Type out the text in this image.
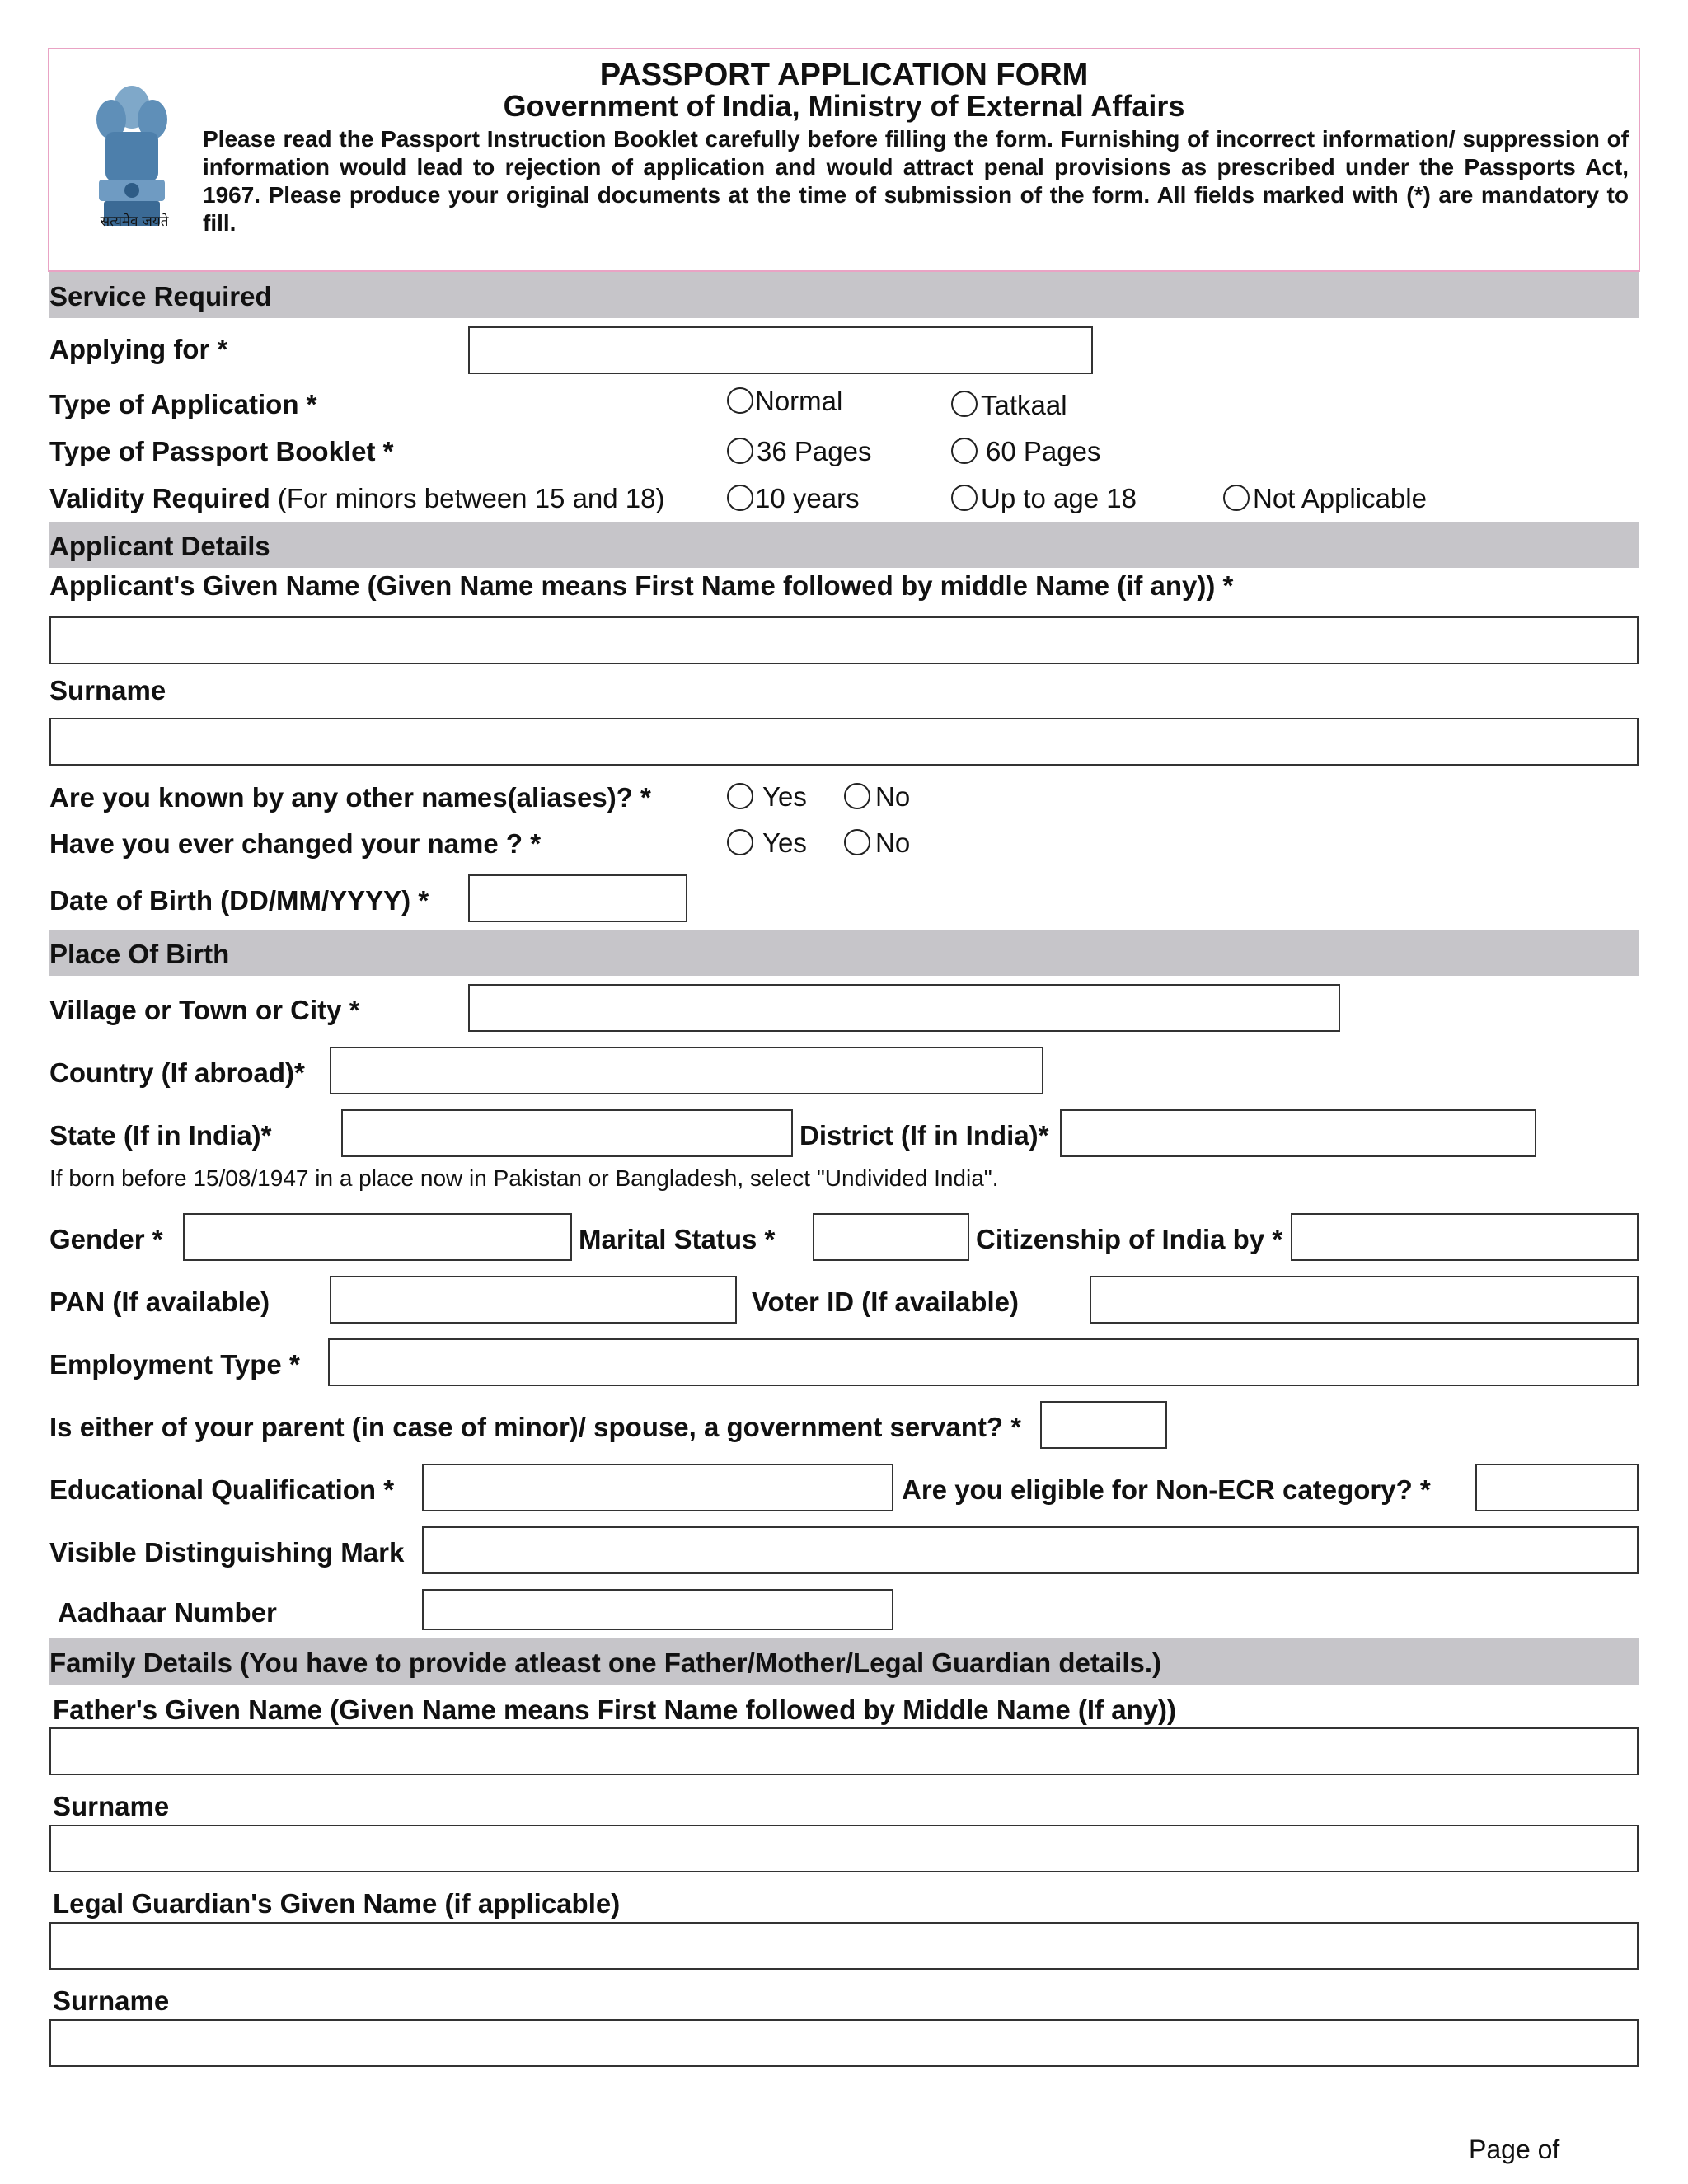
सत्यमेव जयते
PASSPORT APPLICATION FORM
Government of India, Ministry of External Affairs
Please read the Passport Instruction Booklet carefully before filling the form. Furnishing of incorrect information/ suppression of information would lead to rejection of application and would attract penal provisions as prescribed under the Passports Act, 1967. Please produce your original documents at the time of submission of the form. All fields marked with (*) are mandatory to fill.
Service Required
Applying for *
Type of Application *	Normal	Tatkaal
Type of Passport Booklet *	36 Pages	60 Pages
Validity Required (For minors between 15 and 18)	10 years	Up to age 18	Not Applicable
Applicant Details
Applicant's Given Name (Given Name means First Name followed by middle Name (if any)) *
Surname
Are you known by any other names(aliases)? *	Yes	No
Have you ever changed your name ? *	Yes	No
Date of Birth (DD/MM/YYYY) *
Place Of Birth
Village or Town or City *
Country (If abroad)*
State (If in India)*	District (If in India)*
If born before 15/08/1947 in a place now in Pakistan or Bangladesh, select "Undivided India".
Gender *	Marital Status *	Citizenship of India by *
PAN (If available)	Voter ID (If available)
Employment Type *
Is either of your parent (in case of minor)/ spouse, a government servant? *
Educational Qualification *	Are you eligible for Non-ECR category? *
Visible Distinguishing Mark
Aadhaar Number
Family Details (You have to provide atleast one Father/Mother/Legal Guardian details.)
Father's Given Name (Given Name means First Name followed by Middle Name (If any))
Surname
Legal Guardian's Given Name (if applicable)
Surname
Page of
